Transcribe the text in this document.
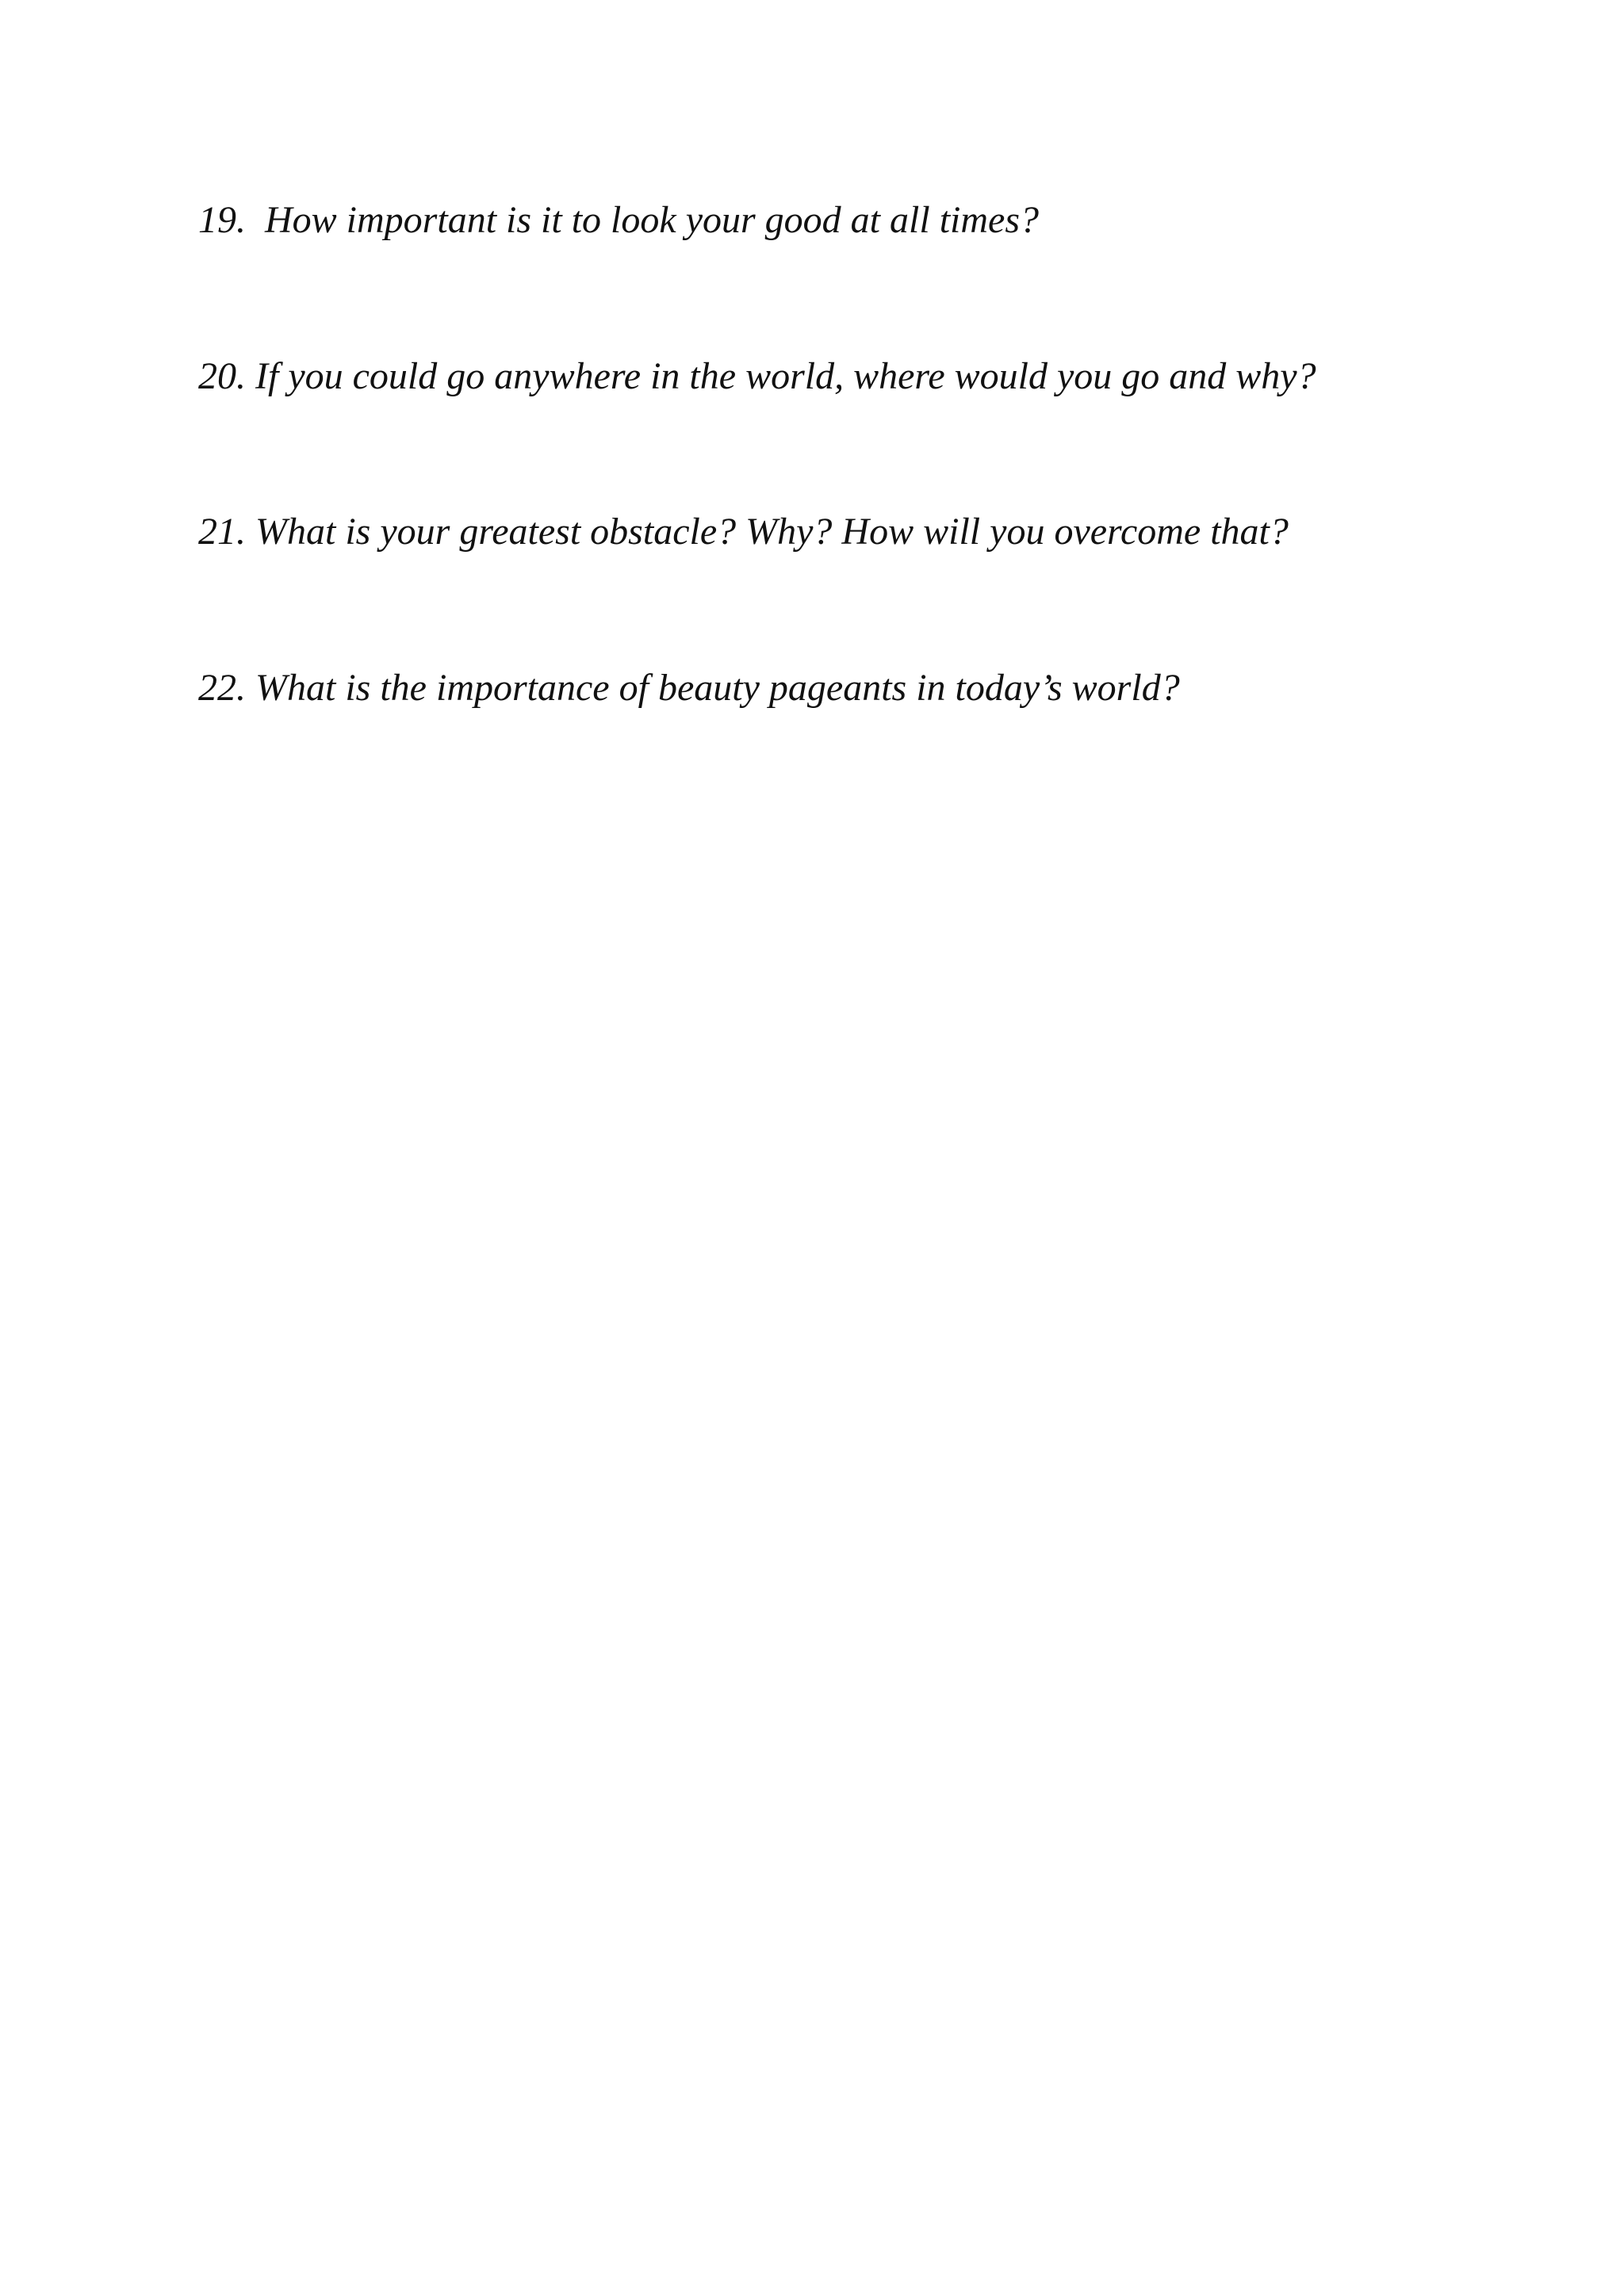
19.  How important is it to look your good at all times?

20. If you could go anywhere in the world, where would you go and why?

21. What is your greatest obstacle? Why? How will you overcome that?

22. What is the importance of beauty pageants in today’s world?
